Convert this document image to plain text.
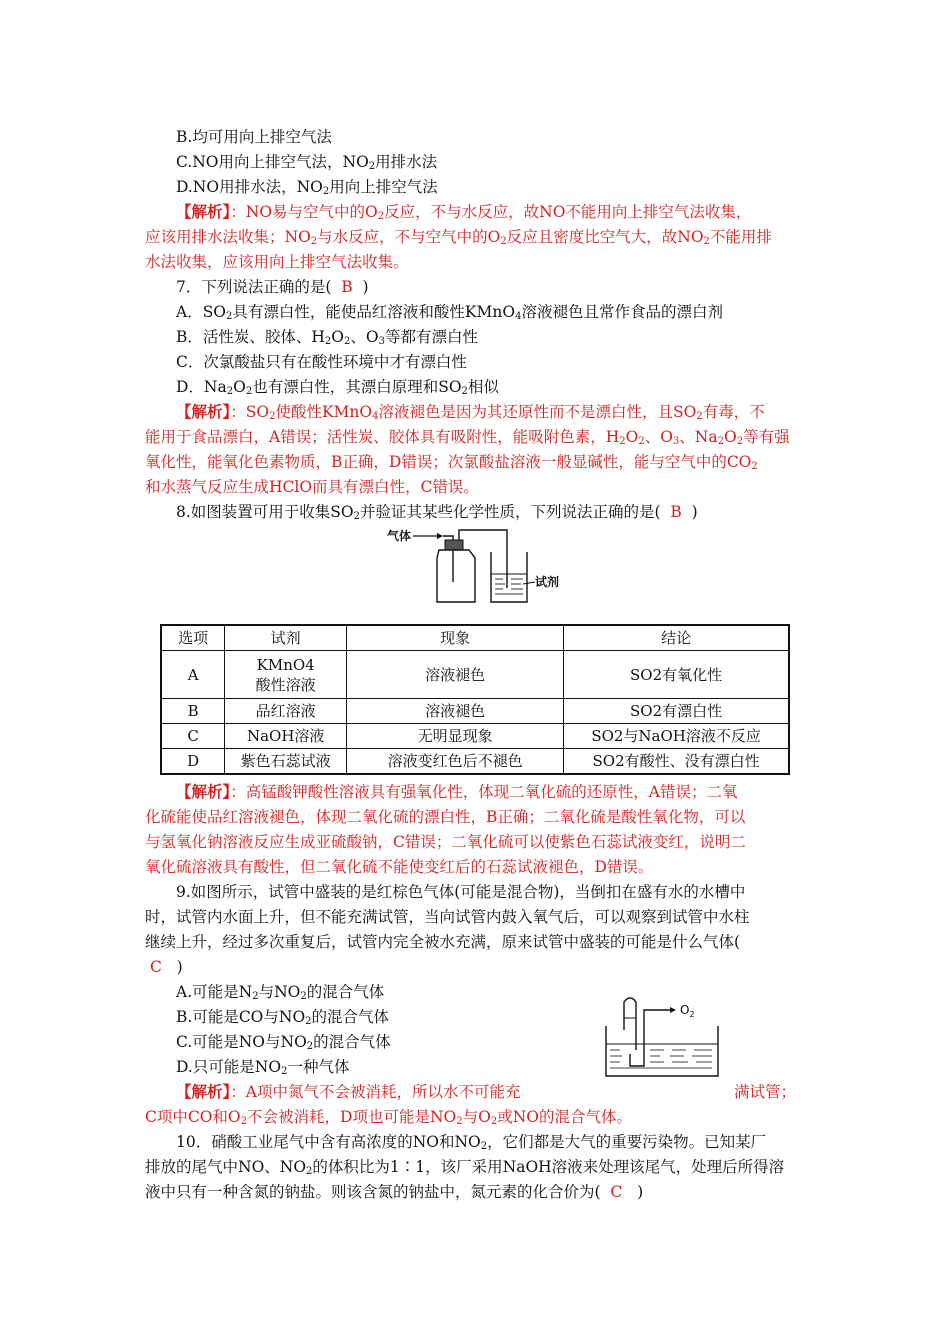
B.均可用向上排空气法
C.NO用向上排空气法，$NO_2$用排水法
D.NO用排水法，$NO_2$用向上排空气法
【解析】：NO易与空气中的$O_2$反应，不与水反应，故NO不能用向上排空气法收集，
应该用排水法收集；$NO_2$与水反应，不与空气中的$O_2$反应且密度比空气大，故$NO_2$不能用排
水法收集，应该用向上排空气法收集。
7．下列说法正确的是( B )
A．$SO_2$具有漂白性，能使品红溶液和酸性KMnO$_4$溶液褪色且常作食品的漂白剂
B．活性炭、胶体、$H_2O_2$、$O_3$等都有漂白性
C．次氯酸盐只有在酸性环境中才有漂白性
D．$Na_2O_2$也有漂白性，其漂白原理和$SO_2$相似
【解析】：$SO_2$使酸性KMnO$_4$溶液褪色是因为其还原性而不是漂白性，且$SO_2$有毒，不
能用于食品漂白，A错误；活性炭、胶体具有吸附性，能吸附色素，$H_2O_2$、$O_3$、$Na_2O_2$等有强
氧化性，能氧化色素物质，B正确，D错误；次氯酸盐溶液一般显碱性，能与空气中的$CO_2$
和水蒸气反应生成HClO而具有漂白性，C错误。
8.如图装置可用于收集$SO_2$并验证其某些化学性质，下列说法正确的是( B )
气体
试剂
选项	试剂	现象	结论
A	KMnO4
酸性溶液	溶液褪色	SO2有氧化性
B	品红溶液	溶液褪色	SO2有漂白性
C	NaOH溶液	无明显现象	SO2与NaOH溶液不反应
D	紫色石蕊试液	溶液变红色后不褪色	SO2有酸性、没有漂白性
【解析】：高锰酸钾酸性溶液具有强氧化性，体现二氧化硫的还原性，A错误；二氧
化硫能使品红溶液褪色，体现二氧化硫的漂白性，B正确；二氧化硫是酸性氧化物，可以
与氢氧化钠溶液反应生成亚硫酸钠，C错误；二氧化硫可以使紫色石蕊试液变红，说明二
氧化硫溶液具有酸性，但二氧化硫不能使变红后的石蕊试液褪色，D错误。
9.如图所示，试管中盛装的是红棕色气体(可能是混合物)，当倒扣在盛有水的水槽中
时，试管内水面上升，但不能充满试管，当向试管内鼓入氧气后，可以观察到试管中水柱
继续上升，经过多次重复后，试管内完全被水充满，原来试管中盛装的可能是什么气体(
C )
A.可能是$N_2$与$NO_2$的混合气体
B.可能是CO与$NO_2$的混合气体
C.可能是NO与$NO_2$的混合气体
D.只可能是$NO_2$一种气体
$O_2$
【解析】：A项中氮气不会被消耗，所以水不可能充	满试管；
C项中CO和$O_2$不会被消耗，D项也可能是$NO_2$与$O_2$或NO的混合气体。
10．硝酸工业尾气中含有高浓度的NO和$NO_2$，它们都是大气的重要污染物。已知某厂
排放的尾气中NO、$NO_2$的体积比为1∶1，该厂采用NaOH溶液来处理该尾气，处理后所得溶
液中只有一种含氮的钠盐。则该含氮的钠盐中，氮元素的化合价为( C )
